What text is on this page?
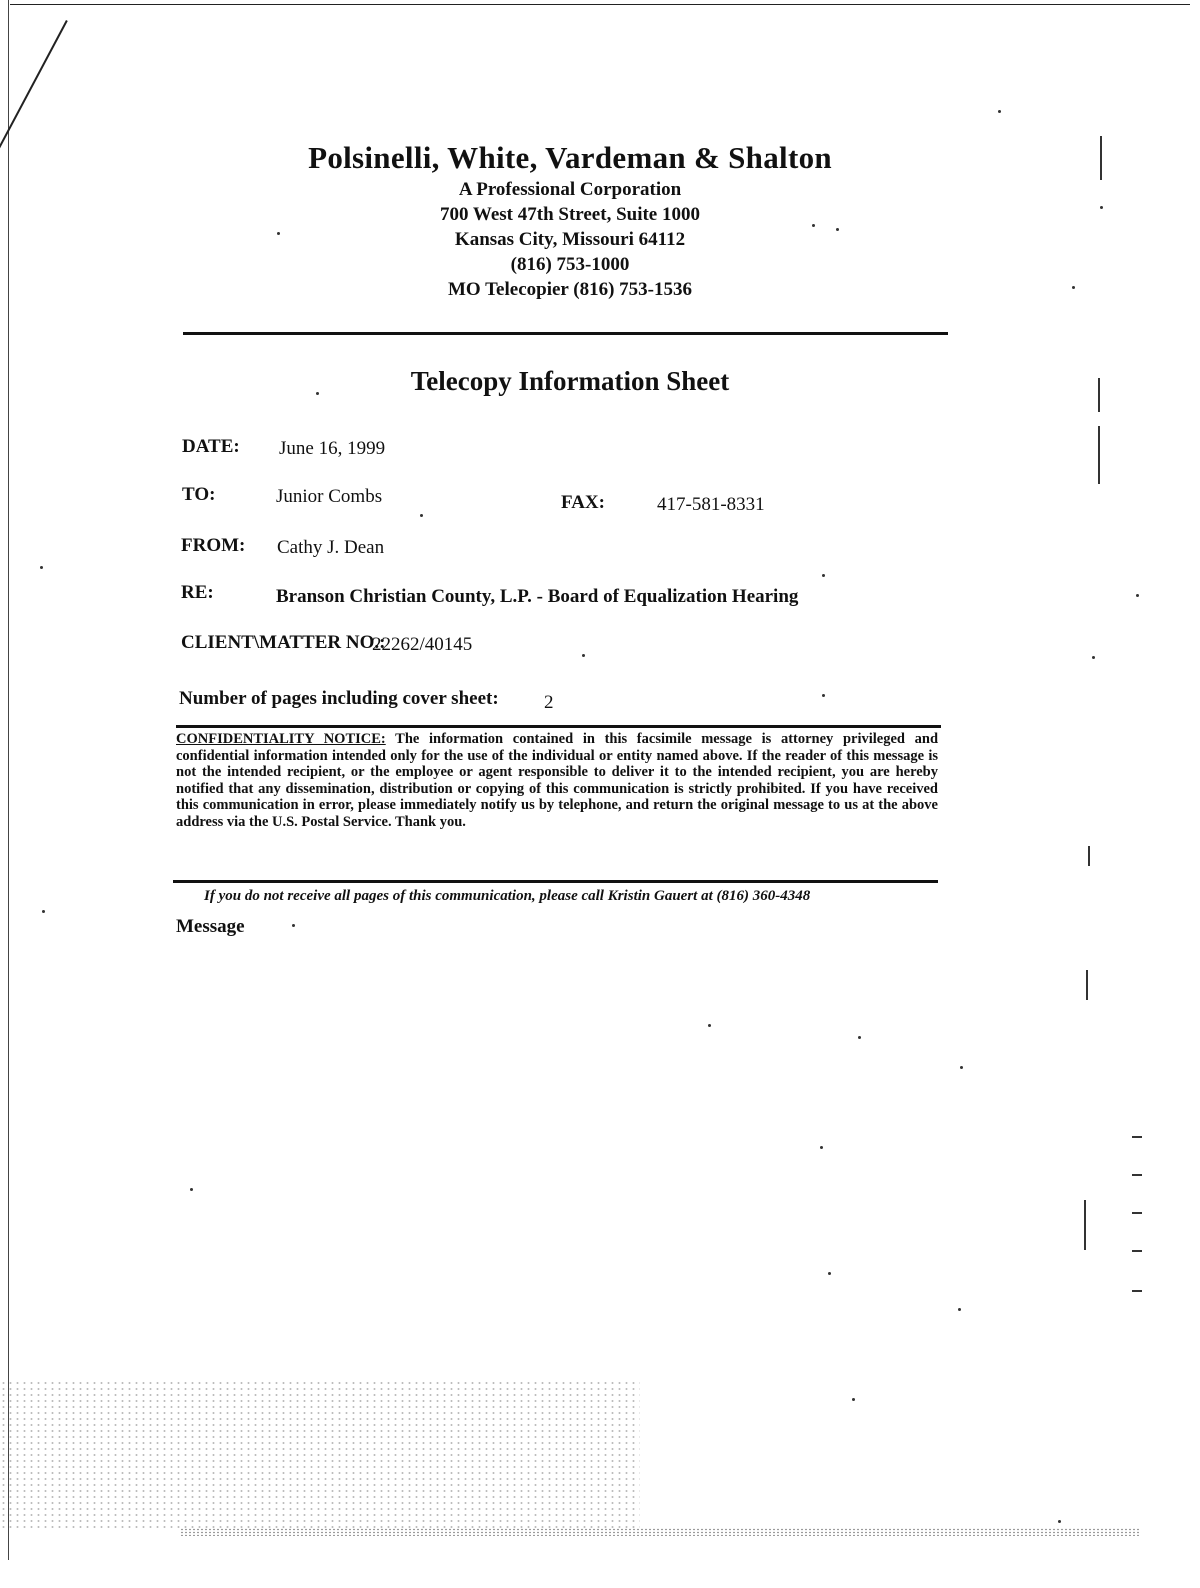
Polsinelli, White, Vardeman & Shalton

A Professional Corporation

700 West 47th Street, Suite 1000

Kansas City, Missouri 64112

(816) 753-1000

MO Telecopier (816) 753-1536

Telecopy Information Sheet
DATE: June 16, 1999
TO:	Junior Combs	FAX:	417-581-8331
FROM: Cathy J. Dean
RE:	Branson Christian County, L.P. - Board of Equalization Hearing
CLIENT\MATTER NO.:
22262/40145
Number of pages including cover sheet: 2

CONFIDENTIALITY NOTICE: The information contained in this facsimile message is attorney privileged and confidential information intended only for the use of the individual or entity named above. If the reader of this message is not the intended recipient, or the employee or agent responsible to deliver it to the intended recipient, you are hereby notified that any dissemination, distribution or copying of this communication is strictly prohibited. If you have received this communication in error, please immediately notify us by telephone, and return the original message to us at the above address via the U.S. Postal Service. Thank you.

If you do not receive all pages of this communication, please call Kristin Gauert at (816) 360-4348
Message
